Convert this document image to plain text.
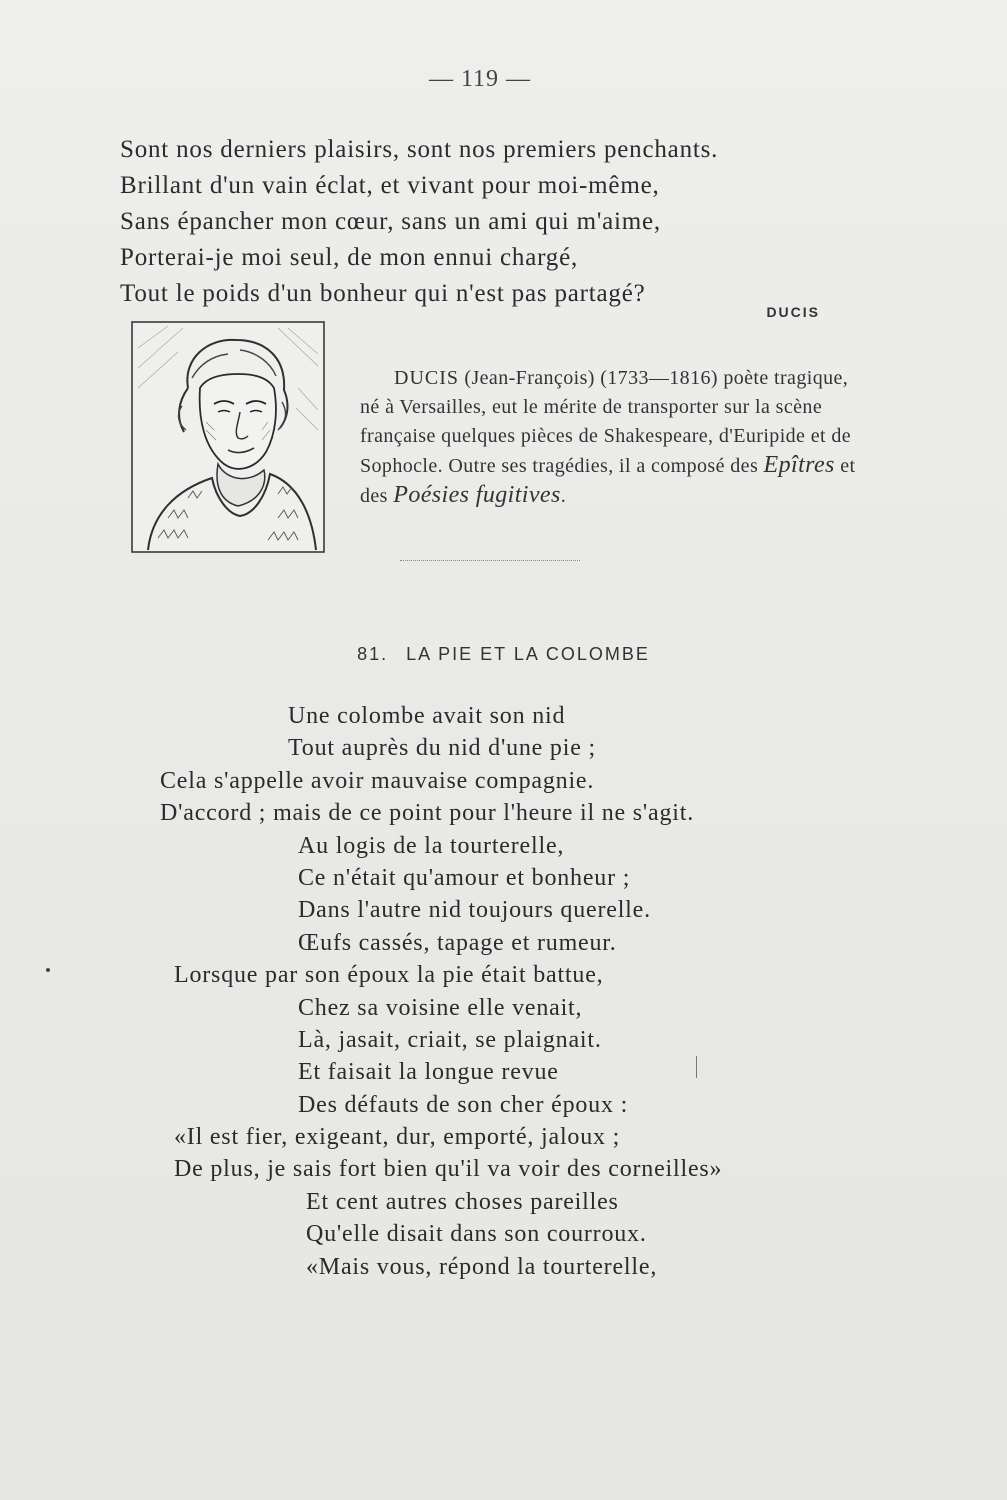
— 119 —
Sont nos derniers plaisirs, sont nos premiers penchants.
Brillant d'un vain éclat, et vivant pour moi-même,
Sans épancher mon cœur, sans un ami qui m'aime,
Porterai-je moi seul, de mon ennui chargé,
Tout le poids d'un bonheur qui n'est pas partagé?
DUCIS
DUCIS (Jean-François) (1733—1816) poète tragique, né à Versailles, eut le mérite de transporter sur la scène française quelques pièces de Shakespeare, d'Euripide et de Sophocle. Outre ses tragédies, il a composé des Epîtres et des Poésies fugitives.
81. LA PIE ET LA COLOMBE
Une colombe avait son nid
Tout auprès du nid d'une pie ;
Cela s'appelle avoir mauvaise compagnie.
D'accord ; mais de ce point pour l'heure il ne s'agit.
Au logis de la tourterelle,
Ce n'était qu'amour et bonheur ;
Dans l'autre nid toujours querelle.
Œufs cassés, tapage et rumeur.
Lorsque par son époux la pie était battue,
Chez sa voisine elle venait,
Là, jasait, criait, se plaignait.
Et faisait la longue revue
Des défauts de son cher époux :
«Il est fier, exigeant, dur, emporté, jaloux ;
De plus, je sais fort bien qu'il va voir des corneilles»
Et cent autres choses pareilles
Qu'elle disait dans son courroux.
«Mais vous, répond la tourterelle,
